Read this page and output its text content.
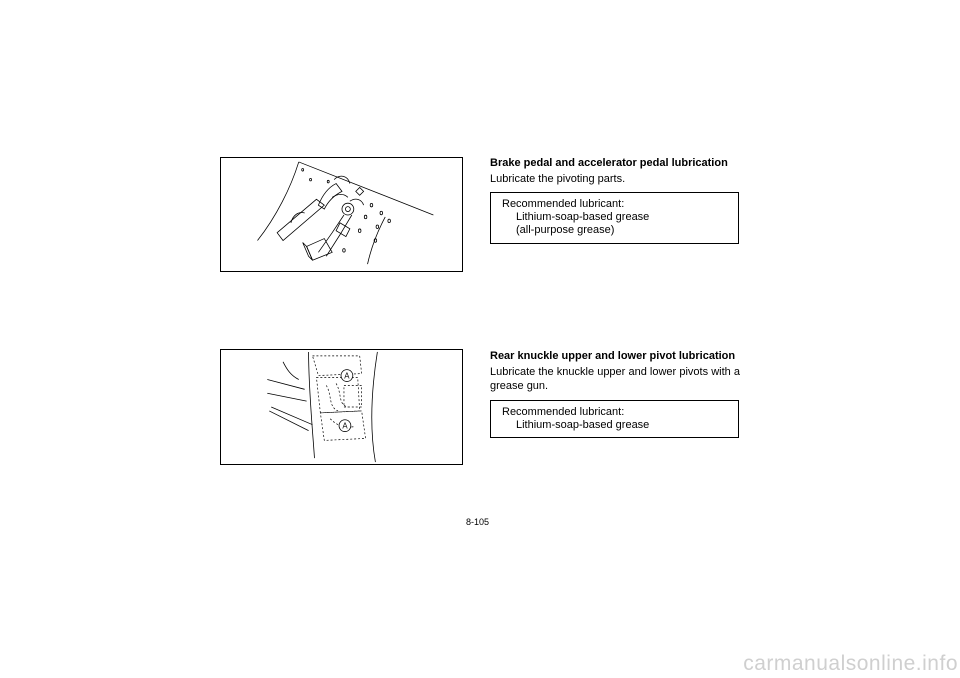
Brake pedal and accelerator pedal lubrication
Lubricate the pivoting parts.
Recommended lubricant:
Lithium-soap-based grease
(all-purpose grease)
A
A
Rear knuckle upper and lower pivot lubrication
Lubricate the knuckle upper and lower pivots with a grease gun.
Recommended lubricant:
Lithium-soap-based grease
8-105
carmanualsonline.info
